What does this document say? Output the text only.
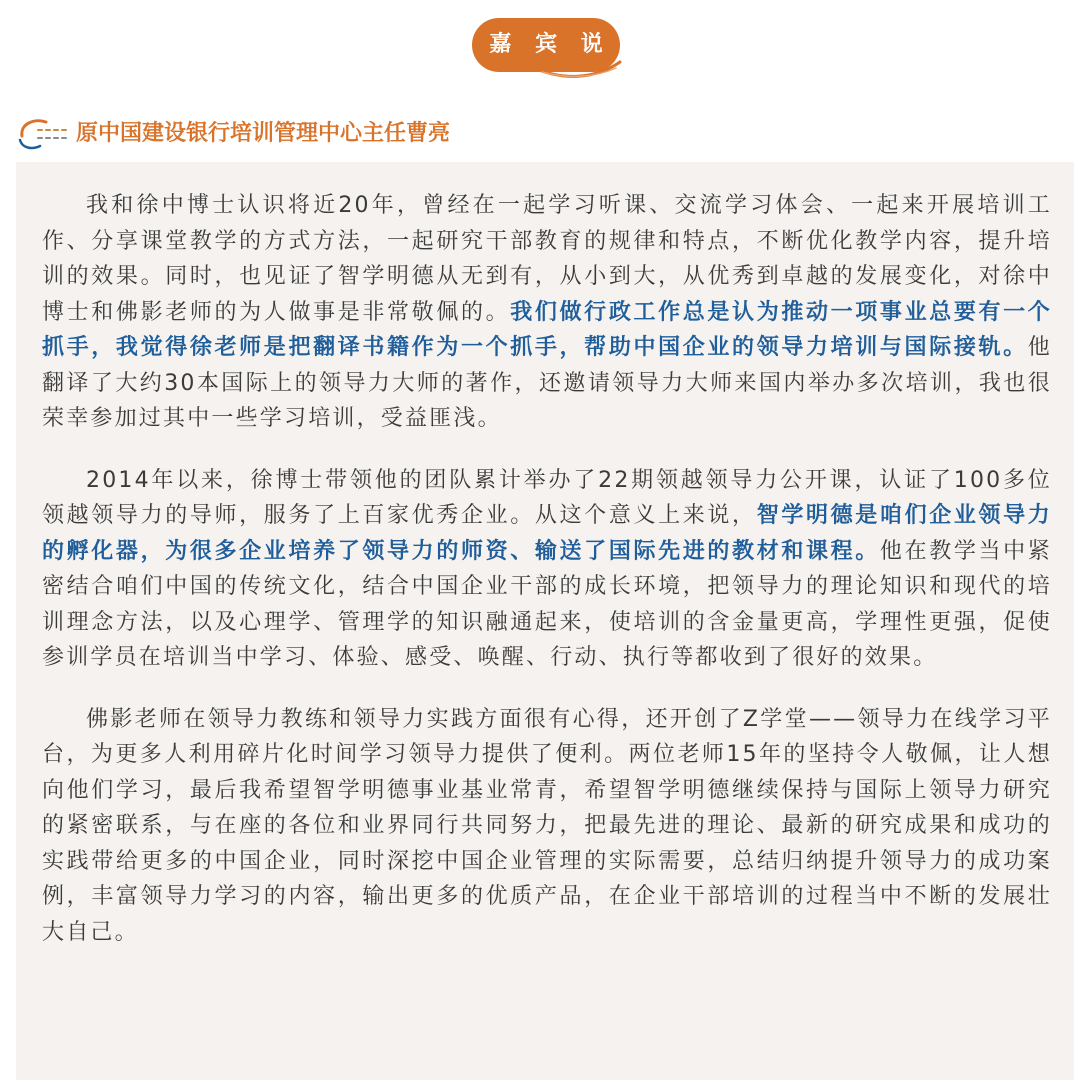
嘉 宾 说
原中国建设银行培训管理中心主任曹亮

我和徐中博士认识将近20年，曾经在一起学习听课、交流学习体会、一起来开展培训工作、分享课堂教学的方式方法，一起研究干部教育的规律和特点，不断优化教学内容，提升培训的效果。同时，也见证了智学明德从无到有，从小到大，从优秀到卓越的发展变化，对徐中博士和佛影老师的为人做事是非常敬佩的。我们做行政工作总是认为推动一项事业总要有一个抓手，我觉得徐老师是把翻译书籍作为一个抓手，帮助中国企业的领导力培训与国际接轨。他翻译了大约30本国际上的领导力大师的著作，还邀请领导力大师来国内举办多次培训，我也很荣幸参加过其中一些学习培训，受益匪浅。

2014年以来，徐博士带领他的团队累计举办了22期领越领导力公开课，认证了100多位领越领导力的导师，服务了上百家优秀企业。从这个意义上来说，智学明德是咱们企业领导力的孵化器，为很多企业培养了领导力的师资、输送了国际先进的教材和课程。他在教学当中紧密结合咱们中国的传统文化，结合中国企业干部的成长环境，把领导力的理论知识和现代的培训理念方法，以及心理学、管理学的知识融通起来，使培训的含金量更高，学理性更强，促使参训学员在培训当中学习、体验、感受、唤醒、行动、执行等都收到了很好的效果。

佛影老师在领导力教练和领导力实践方面很有心得，还开创了Z学堂——领导力在线学习平台，为更多人利用碎片化时间学习领导力提供了便利。两位老师15年的坚持令人敬佩，让人想向他们学习，最后我希望智学明德事业基业常青，希望智学明德继续保持与国际上领导力研究的紧密联系，与在座的各位和业界同行共同努力，把最先进的理论、最新的研究成果和成功的实践带给更多的中国企业，同时深挖中国企业管理的实际需要，总结归纳提升领导力的成功案例，丰富领导力学习的内容，输出更多的优质产品，在企业干部培训的过程当中不断的发展壮大自己。
